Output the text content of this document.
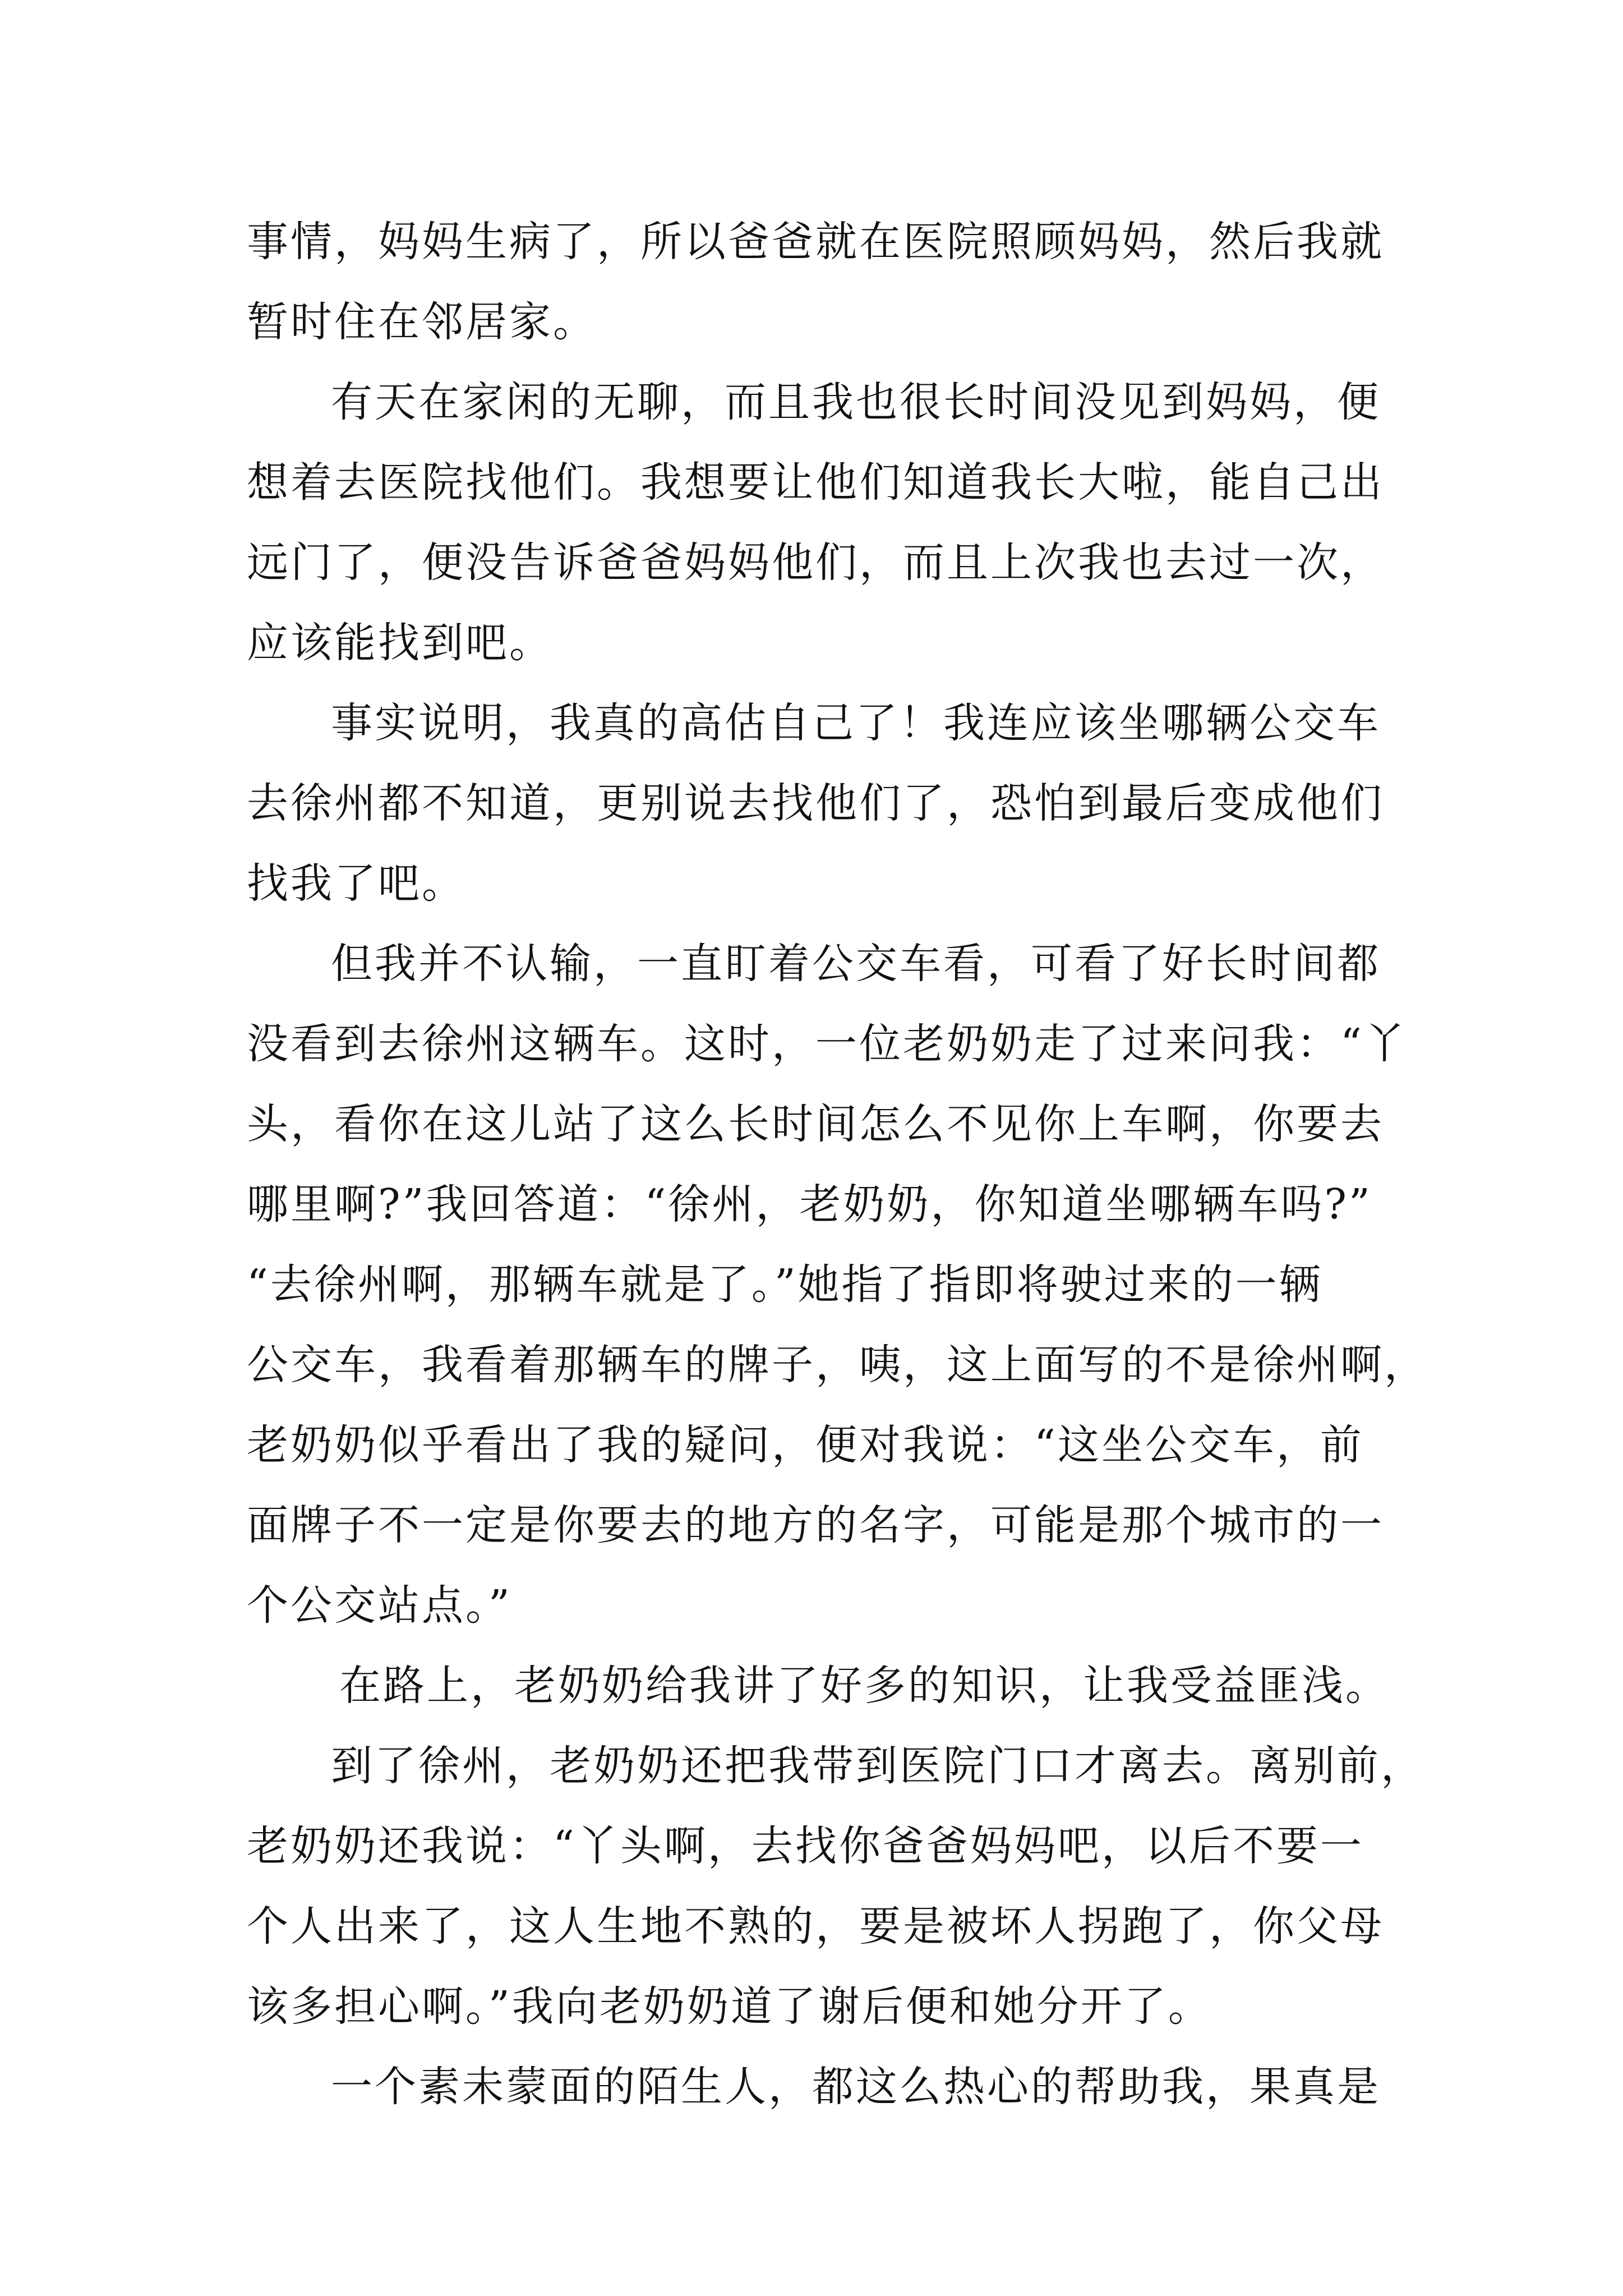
事情，妈妈生病了，所以爸爸就在医院照顾妈妈，然后我就
暂时住在邻居家。
有天在家闲的无聊，而且我也很长时间没见到妈妈，便
想着去医院找他们。我想要让他们知道我长大啦，能自己出
远门了，便没告诉爸爸妈妈他们，而且上次我也去过一次，
应该能找到吧。
事实说明，我真的高估自己了！我连应该坐哪辆公交车
去徐州都不知道，更别说去找他们了，恐怕到最后变成他们
找我了吧。
但我并不认输，一直盯着公交车看，可看了好长时间都
没看到去徐州这辆车。这时，一位老奶奶走了过来问我：“丫
头，看你在这儿站了这么长时间怎么不见你上车啊，你要去
哪里啊?”我回答道：“徐州，老奶奶，你知道坐哪辆车吗?”
“去徐州啊，那辆车就是了。”她指了指即将驶过来的一辆
公交车，我看着那辆车的牌子，咦，这上面写的不是徐州啊，
老奶奶似乎看出了我的疑问，便对我说：“这坐公交车，前
面牌子不一定是你要去的地方的名字，可能是那个城市的一
个公交站点。”
在路上，老奶奶给我讲了好多的知识，让我受益匪浅。
到了徐州，老奶奶还把我带到医院门口才离去。离别前，
老奶奶还我说：“丫头啊，去找你爸爸妈妈吧，以后不要一
个人出来了，这人生地不熟的，要是被坏人拐跑了，你父母
该多担心啊。”我向老奶奶道了谢后便和她分开了。
一个素未蒙面的陌生人，都这么热心的帮助我，果真是
